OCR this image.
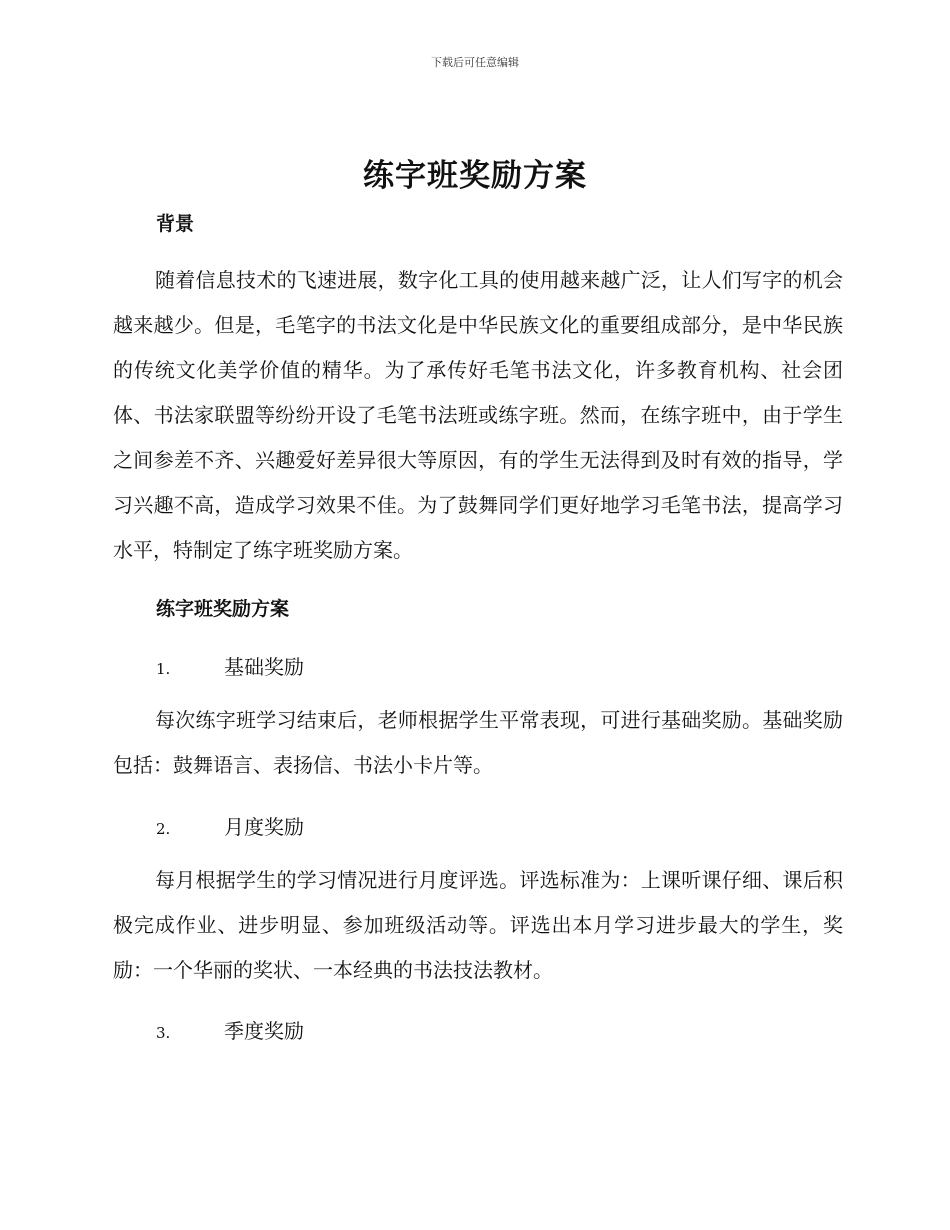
下载后可任意编辑
练字班奖励方案
背景

随着信息技术的飞速进展，数字化工具的使用越来越广泛，让人们写字的机会越来越少。但是，毛笔字的书法文化是中华民族文化的重要组成部分，是中华民族的传统文化美学价值的精华。为了承传好毛笔书法文化，许多教育机构、社会团体、书法家联盟等纷纷开设了毛笔书法班或练字班。然而，在练字班中，由于学生之间参差不齐、兴趣爱好差异很大等原因，有的学生无法得到及时有效的指导，学习兴趣不高，造成学习效果不佳。为了鼓舞同学们更好地学习毛笔书法，提高学习水平，特制定了练字班奖励方案。

练字班奖励方案
1.	基础奖励

每次练字班学习结束后，老师根据学生平常表现，可进行基础奖励。基础奖励包括：鼓舞语言、表扬信、书法小卡片等。

2.	月度奖励

每月根据学生的学习情况进行月度评选。评选标准为：上课听课仔细、课后积极完成作业、进步明显、参加班级活动等。评选出本月学习进步最大的学生，奖励：一个华丽的奖状、一本经典的书法技法教材。

3.	季度奖励
